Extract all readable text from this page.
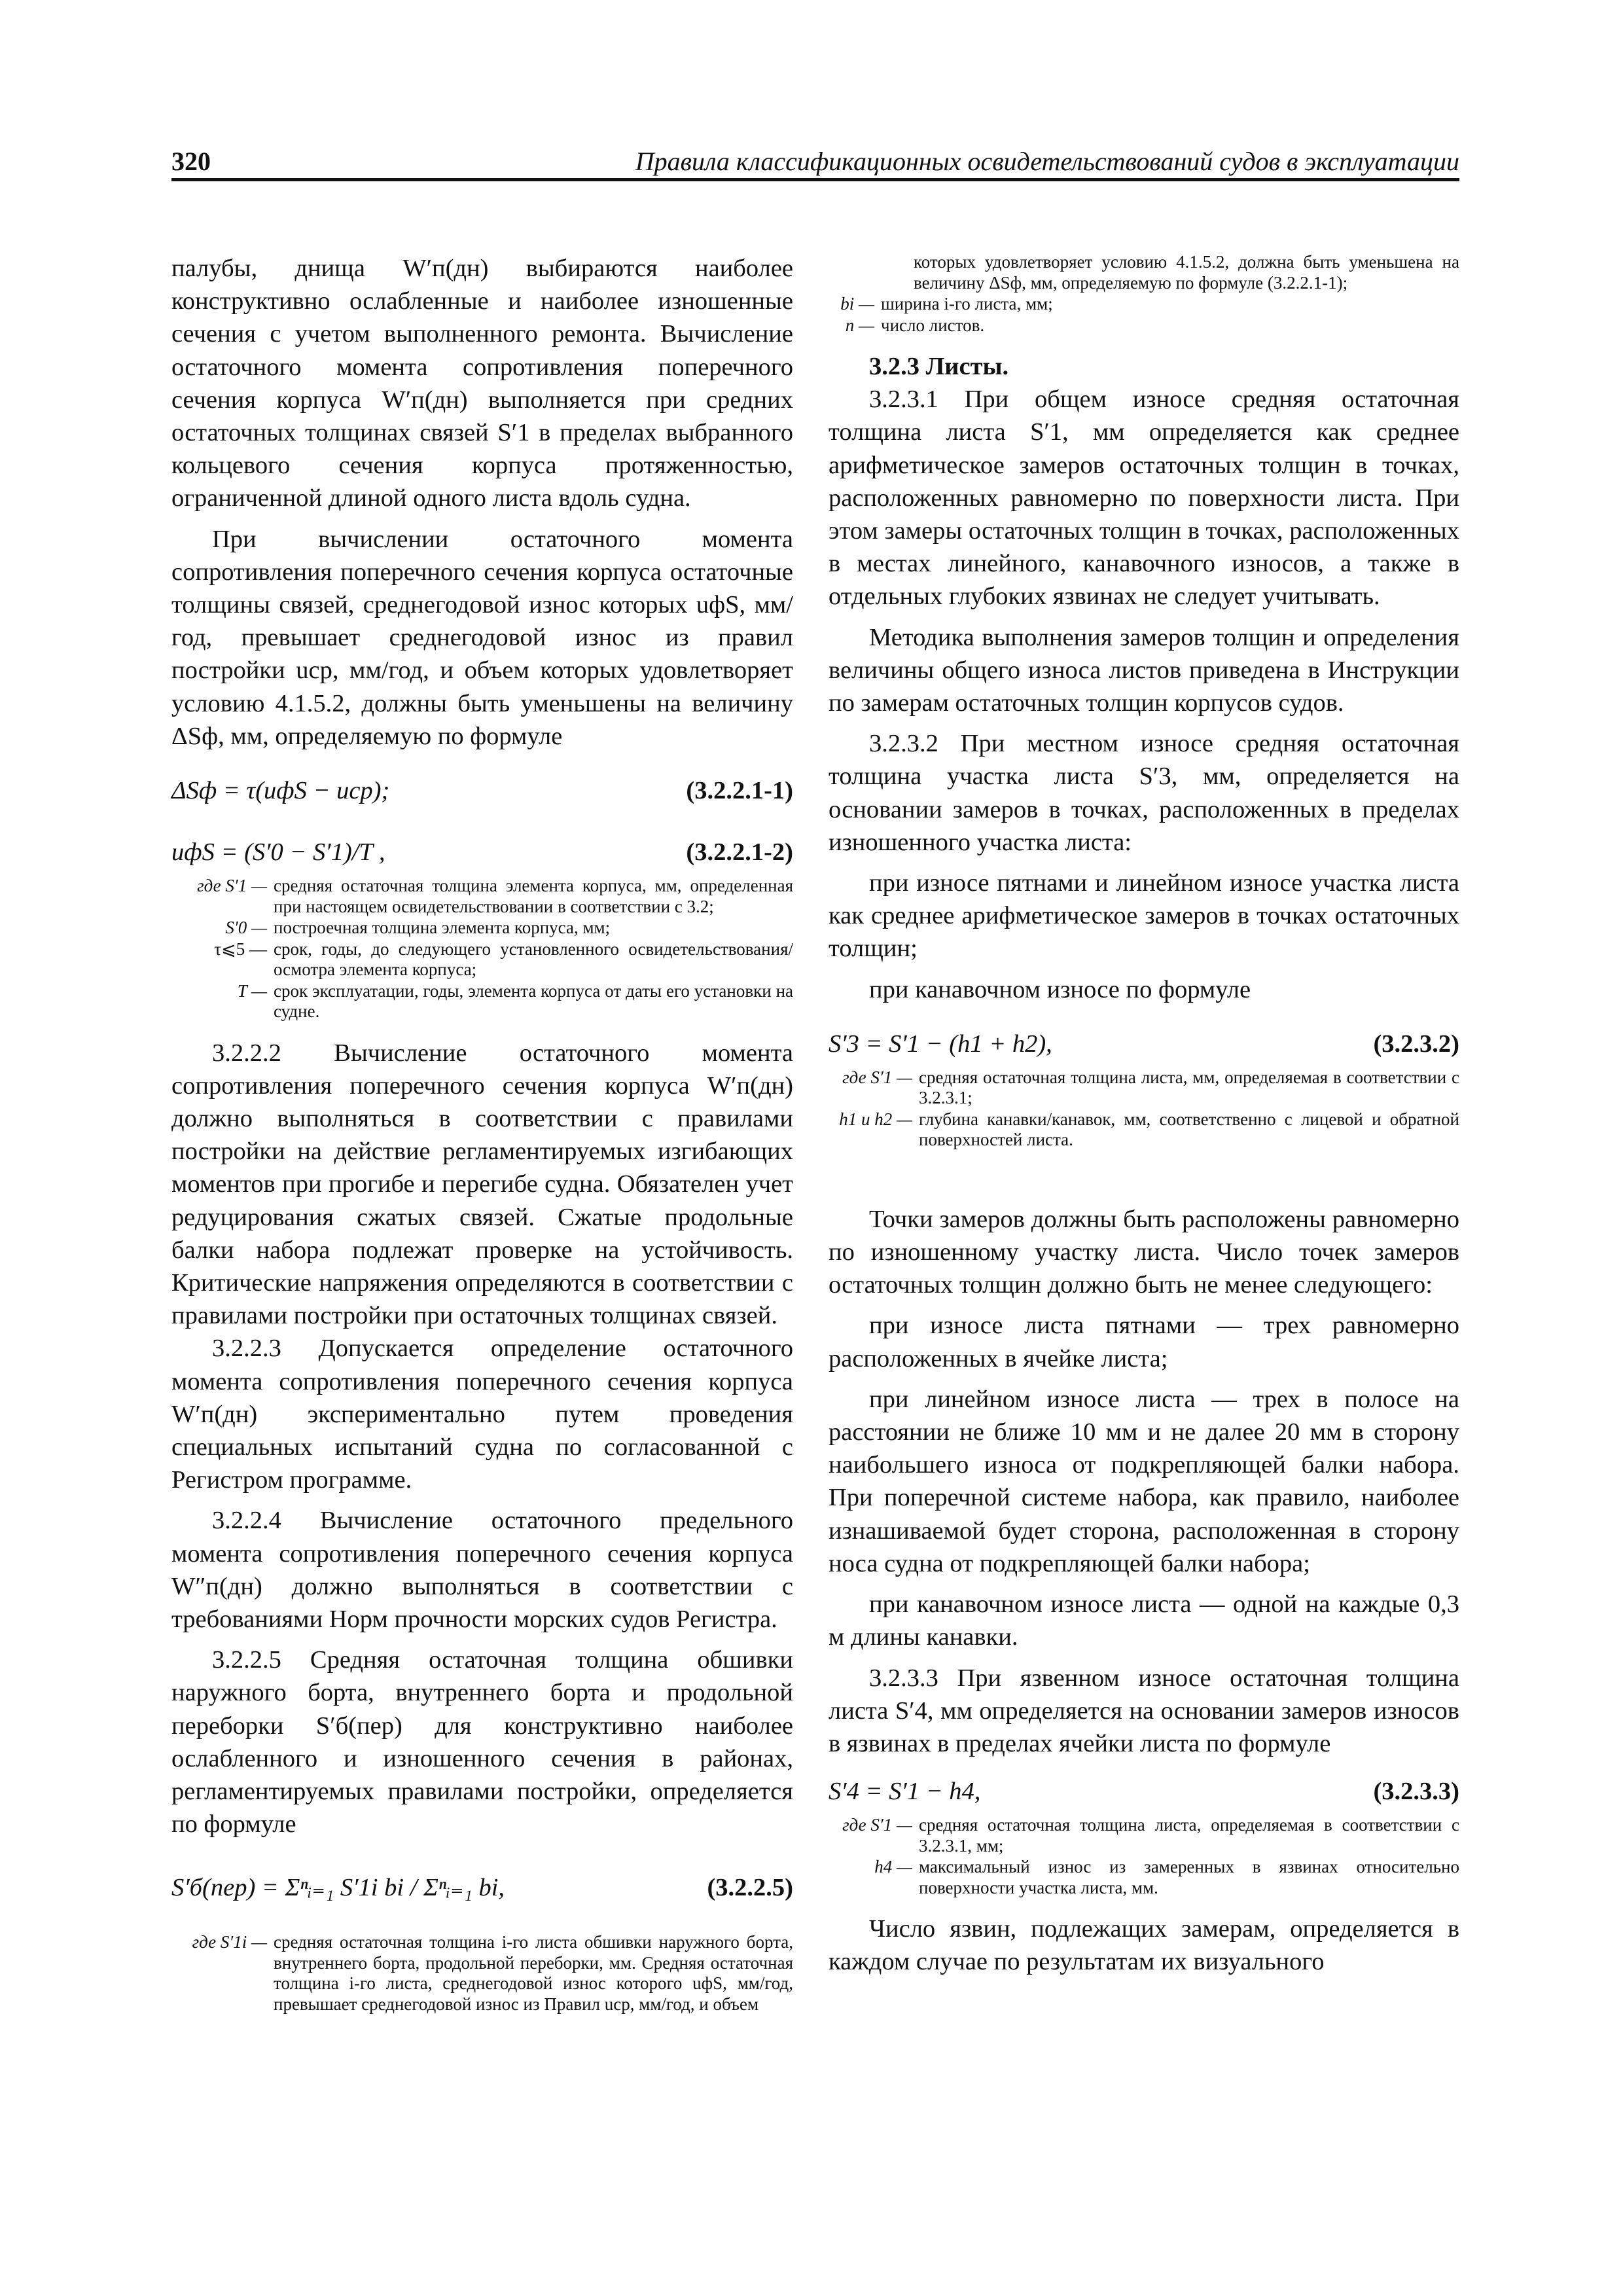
320	Правила классификационных освидетельствований судов в эксплуатации

палубы, днища W′п(дн) выбираются наиболее конструктивно ослабленные и наиболее изношенные сечения с учетом выполненного ремонта. Вычисление остаточного момента сопротивления поперечного сечения корпуса W′п(дн) выполняется при средних остаточных толщинах связей S′1 в пределах выбранного кольцевого сечения корпуса протяженностью, ограниченной длиной одного листа вдоль судна.

При вычислении остаточного момента сопротивления поперечного сечения корпуса остаточные толщины связей, среднегодовой износ которых uфS, мм/год, превышает среднегодовой износ из правил постройки uср, мм/год, и объем которых удовлетворяет условию 4.1.5.2, должны быть уменьшены на величину ΔSф, мм, определяемую по формуле

ΔSф = τ(uфS − uср);	(3.2.2.1-1)
uфS = (S′0 − S′1)/T ,	(3.2.2.1-2)
где S′1 — средняя остаточная толщина элемента корпуса, мм, определенная при настоящем освидетельствовании в соответствии с 3.2;
S′0 — построечная толщина элемента корпуса, мм;
τ⩽5 — срок, годы, до следующего установленного освидетельствования/осмотра элемента корпуса;
T — срок эксплуатации, годы, элемента корпуса от даты его установки на судне.

3.2.2.2 Вычисление остаточного момента сопротивления поперечного сечения корпуса W′п(дн) должно выполняться в соответствии с правилами постройки на действие регламентируемых изгибающих моментов при прогибе и перегибе судна. Обязателен учет редуцирования сжатых связей. Сжатые продольные балки набора подлежат проверке на устойчивость. Критические напряжения определяются в соответствии с правилами постройки при остаточных толщинах связей.

3.2.2.3 Допускается определение остаточного момента сопротивления поперечного сечения корпуса W′п(дн) экспериментально путем проведения специальных испытаний судна по согласованной с Регистром программе.

3.2.2.4 Вычисление остаточного предельного момента сопротивления поперечного сечения корпуса W″п(дн) должно выполняться в соответствии с требованиями Норм прочности морских судов Регистра.

3.2.2.5 Средняя остаточная толщина обшивки наружного борта, внутреннего борта и продольной переборки S′б(пер) для конструктивно наиболее ослабленного и изношенного сечения в районах, регламентируемых правилами постройки, определяется по формуле

S′б(пер) = Σⁿᵢ₌₁ S′1i bi / Σⁿᵢ₌₁ bi,	(3.2.2.5)
где S′1i — средняя остаточная толщина i-го листа обшивки наружного борта, внутреннего борта, продольной переборки, мм. Средняя остаточная толщина i-го листа, среднегодовой износ которого uфS, мм/год, превышает среднегодовой износ из Правил uср, мм/год, и объем
которых удовлетворяет условию 4.1.5.2, должна быть уменьшена на величину ΔSф, мм, определяемую по формуле (3.2.2.1-1);
bi — ширина i-го листа, мм;
n — число листов.

3.2.3 Листы.

3.2.3.1 При общем износе средняя остаточная толщина листа S′1, мм определяется как среднее арифметическое замеров остаточных толщин в точках, расположенных равномерно по поверхности листа. При этом замеры остаточных толщин в точках, расположенных в местах линейного, канавочного износов, а также в отдельных глубоких язвинах не следует учитывать.

Методика выполнения замеров толщин и определения величины общего износа листов приведена в Инструкции по замерам остаточных толщин корпусов судов.

3.2.3.2 При местном износе средняя остаточная толщина участка листа S′3, мм, определяется на основании замеров в точках, расположенных в пределах изношенного участка листа:

при износе пятнами и линейном износе участка листа как среднее арифметическое замеров в точках остаточных толщин;

при канавочном износе по формуле

S′3 = S′1 − (h1 + h2),	(3.2.3.2)
где S′1 — средняя остаточная толщина листа, мм, определяемая в соответствии с 3.2.3.1;
h1 и h2 — глубина канавки/канавок, мм, соответственно с лицевой и обратной поверхностей листа.

Точки замеров должны быть расположены равномерно по изношенному участку листа. Число точек замеров остаточных толщин должно быть не менее следующего:

при износе листа пятнами — трех равномерно расположенных в ячейке листа;

при линейном износе листа — трех в полосе на расстоянии не ближе 10 мм и не далее 20 мм в сторону наибольшего износа от подкрепляющей балки набора. При поперечной системе набора, как правило, наиболее изнашиваемой будет сторона, расположенная в сторону носа судна от подкрепляющей балки набора;

при канавочном износе листа — одной на каждые 0,3 м длины канавки.

3.2.3.3 При язвенном износе остаточная толщина листа S′4, мм определяется на основании замеров износов в язвинах в пределах ячейки листа по формуле

S′4 = S′1 − h4,	(3.2.3.3)
где S′1 — средняя остаточная толщина листа, определяемая в соответствии с 3.2.3.1, мм;
h4 — максимальный износ из замеренных в язвинах относительно поверхности участка листа, мм.

Число язвин, подлежащих замерам, определяется в каждом случае по результатам их визуального
